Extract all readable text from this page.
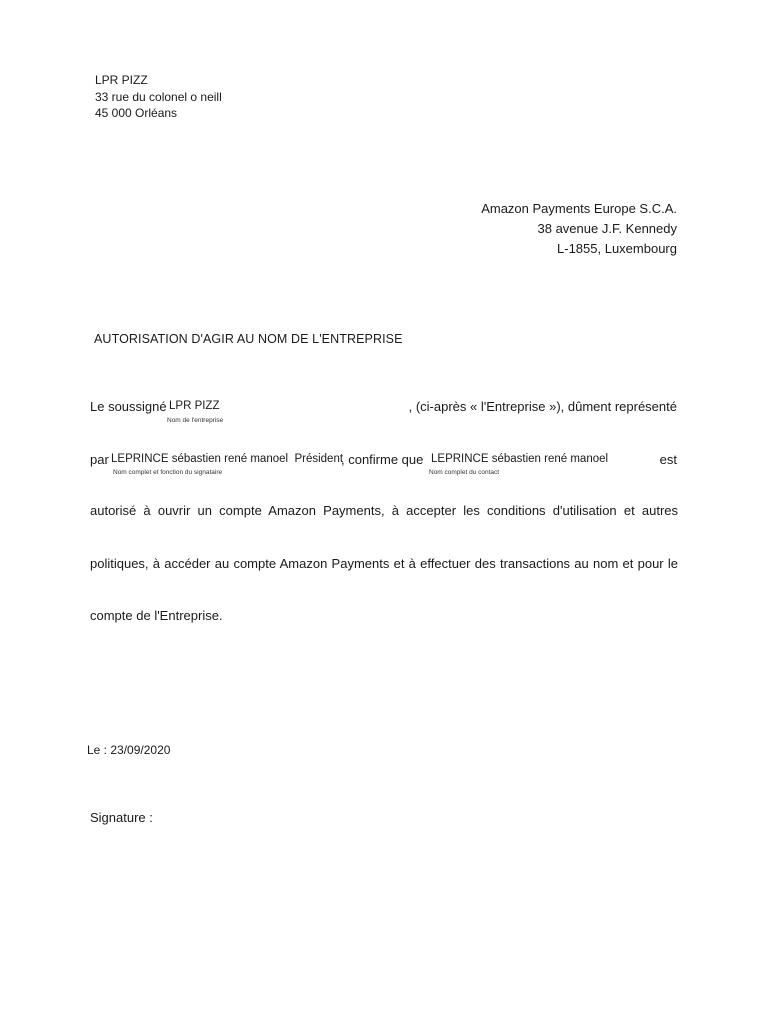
LPR PIZZ
33 rue du colonel o neill
45 000 Orléans
Amazon Payments Europe S.C.A.
38 avenue J.F. Kennedy
L-1855, Luxembourg
AUTORISATION D'AGIR AU NOM DE L'ENTREPRISE
Le soussigné LPR PIZZ
Nom de l'entreprise
, (ci-après « l'Entreprise »), dûment représenté
par LEPRINCE sébastien rené manoel  Président
Nom complet et fonction du signataire
, confirme que LEPRINCE sébastien rené manoel
Nom complet du contact
est
autorisé à ouvrir un compte Amazon Payments, à accepter les conditions d'utilisation et autres
politiques, à accéder au compte Amazon Payments et à effectuer des transactions au nom et pour le
compte de l'Entreprise.
Le : 23/09/2020
Signature :
